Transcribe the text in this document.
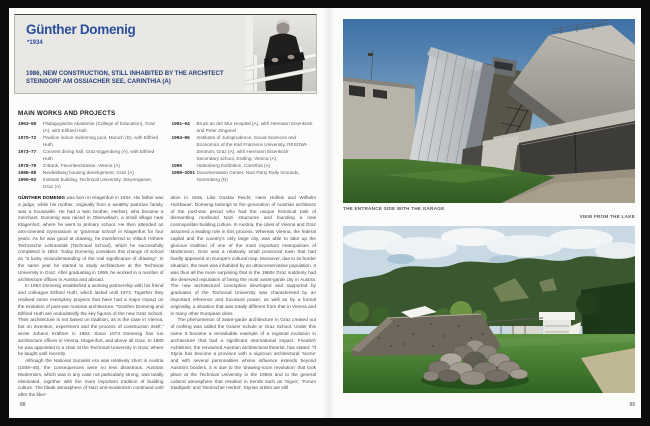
Günther Domenig
*1934
1986, NEW CONSTRUCTION, STILL INHABITED BY THE ARCHITECT
STEINDORF AM OSSIACHER SEE, CARINTHIA (A)
MAIN WORKS AND PROJECTS
1963–69	Pädagogische Akademie (College of Education), Graz (A), with Eilfried Huth
1970–72	Pavilion indoor swimming pool, Munich (D), with Eilfried Huth
1973–77	Convent dining hall, Graz-Eggenberg (A), with Eilfried Huth
1975–79	Z-Bank, Favoritenstrasse, Vienna (A)
1986–88	Neufeldweg housing development, Graz (A)
1990–92	Institute building, Technical University, Steyrergasse, Graz (A)
1991–94	Bruck an der Mur Hospital (A), with Hermann Eisenköck and Peter Zinganel
1994–96	Institutes of Jurisprudence, Social Sciences and Economics of the Karl Franzens University, RESOWI-Zentrum, Graz (A), with Hermann Eisenköck
Secondary school, Essling, Vienna (A)
1995	Hüttenberg Exhibition, Carinthia (A)
1999–2001 Documentation Center, Nazi Party Rally Grounds, Nuremberg (D)

GÜNTHER DOMENIG was born in Klagenfurt in 1934. His father was a judge, while his mother, originally from a wealthy patrician family, was a housewife. He had a twin brother, Herbert, who became a merchant. Domenig was raised in Obervellach, a small village near Klagenfurt, where he went to primary school. He then attended an arts-oriented Gymnasium or 'grammar school' in Klagenfurt for four years. As he was good at drawing, he transferred to Villach Höhere Technische Lehranstalt (Technical School), which he successfully completed in 1953. Today Domenig considers this change of school as "a lucky misunderstanding of the real significance of drawing". In the same year he started to study architecture at the Technical University in Graz. After graduating in 1959, he worked in a number of architecture offices in Austria and abroad.

In 1963 Domenig established a working partnership with his friend and colleague Eilfried Huth, which lasted until 1973. Together they realised some exemplary projects that have had a major impact on the evolution of post-war Austrian architecture. "Günther Domenig and Eilfried Huth are undoubtedly the key figures of the new Graz School. Their architecture is not based on tradition, as is the case in Vienna, but on invention, experiment and the process of construction itself," wrote Johann Kräftner in 1983. Since 1973 Domenig has run architecture offices in Vienna, Klagenfurt, and above all Graz. In 1980 he was appointed to a chair at the Technical University in Graz, where he taught until recently.

Although the National Socialist era was relatively short in Austria (1938–45), the consequences were no less disastrous. Austrian Modernism, which was in any case not particularly strong, was totally eliminated, together with the more important tradition of building culture. The bleak atmosphere of Nazi anti-modernism continued until after the liber-

ation in 1945. Like Gustav Peichl, Hans Hollein and Wilhelm Holzbauer, Domenig belongs to the generation of Austrian architects of the post-war period who had the unique historical task of dismantling moribund Nazi structures and founding a new cosmopolitan building culture. In Austria, the cities of Vienna and Graz assumed a leading role in this process. Whereas Vienna, the federal capital and the country's only large city, was able to take up the glorious tradition of one of the most important metropolises of Modernism, Graz was a relatively small provincial town that had hardly appeared on Europe's cultural map. Moreover, due to its border situation, the town was inhabited by an ultraconservative population. It was thus all the more surprising that in the 1960s Graz suddenly had the deserved reputation of being the most avant-garde city in Austria. The new architectural conception developed and supported by graduates of the Technical University was characterised by an important reference and focussed power, as well as by a formal originality, a situation that was totally different from that in Vienna and in many other European cities.

The phenomenon of avant-garde architecture in Graz created out of nothing was called the Grazer Schule or Graz School. Under this name it became a remarkable example of a regional evolution in architecture that had a significant international impact. Friedrich Achleitner, the renowned Austrian architectural theorist, has stated: "If Styria has become a province with a vigorous architectural 'scene' and with several personalities whose influence extends beyond Austria's borders, it is due to the 'drawing-room revolution' that took place at the Technical University in the 1960s and to the general cultural atmosphere that resulted in trends such as 'trigon', 'Forum Stadtpark' and 'Steirischer Herbst'. Styrian artists are still

88
THE ENTRANCE SIDE WITH THE GARAGE
VIEW FROM THE LAKE
89
